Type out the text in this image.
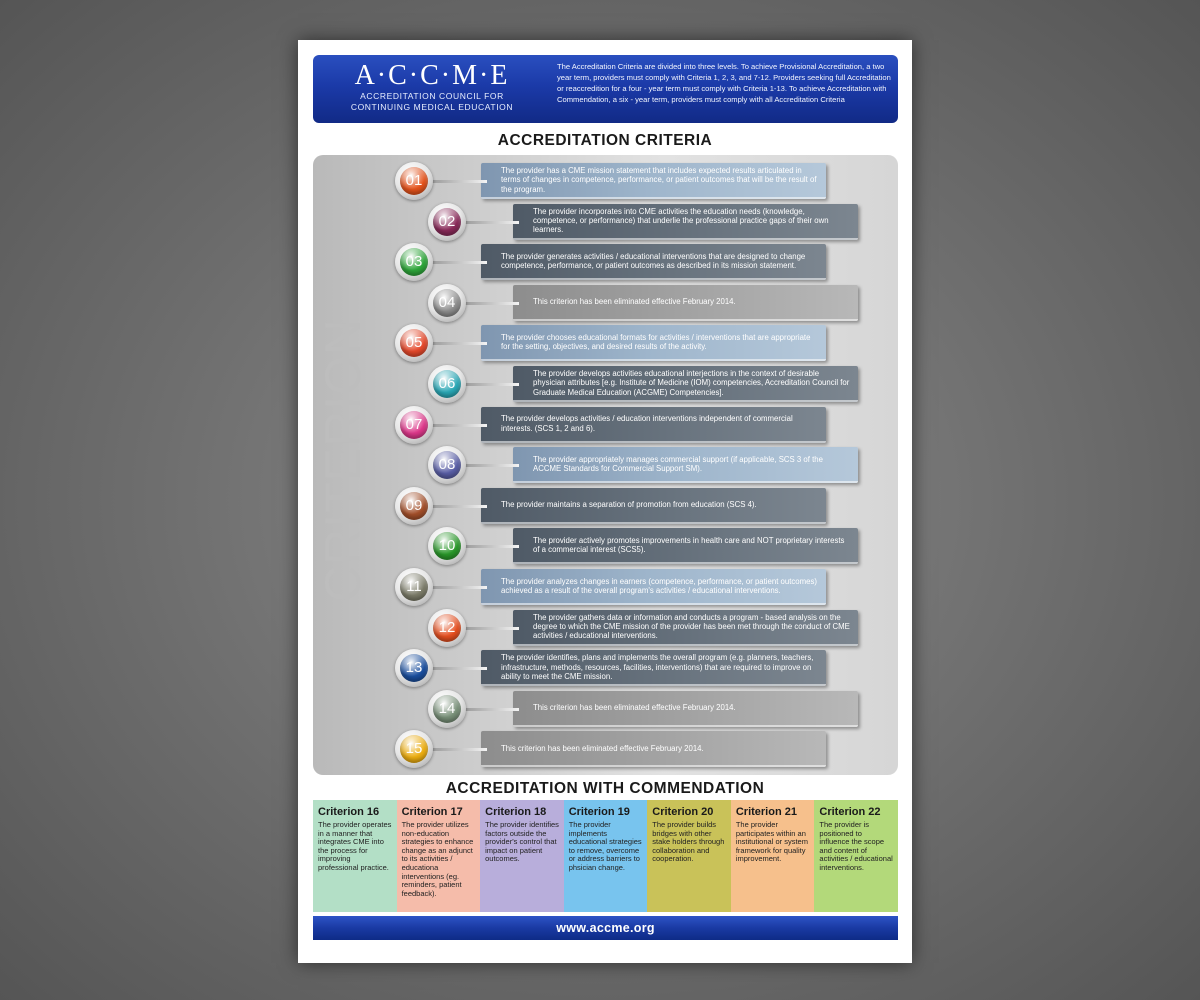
A·C·C·M·E
ACCREDITATION COUNCIL FOR
CONTINUING MEDICAL EDUCATION
The Accreditation Criteria are divided into three levels. To achieve Provisional Accreditation, a two year term, providers must comply with Criteria 1, 2, 3, and 7-12. Providers seeking full Accreditation or reaccredition for a four - year term must comply with Criteria 1-13. To achieve Accreditation with Commendation, a six - year term, providers must comply with all Accreditation Criteria
ACCREDITATION CRITERIA
CRITERION
The provider has a CME mission statement that includes expected results articulated in terms of changes in competence, performance, or patient outcomes that will be the result of the program.
01
The provider incorporates into CME activities the education needs (knowledge, competence, or performance) that underlie the professional practice gaps of their own learners.
02
The provider generates activities / educational interventions that are designed to change competence, performance, or patient outcomes as described in its mission statement.
03
This criterion has been eliminated effective February 2014.
04
The provider chooses educational formats for activities / interventions that are appropriate for the setting, objectives, and desired results of the activity.
05
The provider develops activities educational interjections in the context of desirable physician attributes [e.g. Institute of Medicine (IOM) competencies, Accreditation Council for Graduate Medical Education (ACGME) Competencies].
06
The provider develops activities / education interventions independent of commercial interests. (SCS 1, 2 and 6).
07
The provider appropriately manages commercial support (if applicable, SCS 3 of the ACCME Standards for Commercial Support SM).
08
The provider maintains a separation of promotion from education (SCS 4).
09
The provider actively promotes improvements in health care and NOT proprietary interests of a commercial interest (SCS5).
10
The provider analyzes changes in earners (competence, performance, or patient outcomes) achieved as a result of the overall program's activities / educational interventions.
11
The provider gathers data or information and conducts a program - based analysis on the degree to which the CME mission of the provider has been met through the conduct of CME activities / educational interventions.
12
The provider identifies, plans and implements the overall program (e.g. planners, teachers, infrastructure, methods, resources, facilities, interventions) that are required to improve on ability to meet the CME mission.
13
This criterion has been eliminated effective February 2014.
14
This criterion has been eliminated effective February 2014.
15
ACCREDITATION WITH COMMENDATION
Criterion 16
The provider operates in a manner that integrates CME into the process for improving professional practice.
Criterion 17
The provider utilizes non-education strategies to enhance change as an adjunct to its activities / educationa interventions (eg. reminders, patient feedback).
Criterion 18
The provider identifies factors outside the provider's control that impact on patient outcomes.
Criterion 19
The provider implements educational strategies to remove, overcome or address barriers to phsician change.
Criterion 20
The provider builds bridges with other stake holders through collaboration and cooperation.
Criterion 21
The provider participates within an institutional or system framework for quality improvement.
Criterion 22
The provider is positioned to influence the scope and content of activities / educational interventions.
www.accme.org
